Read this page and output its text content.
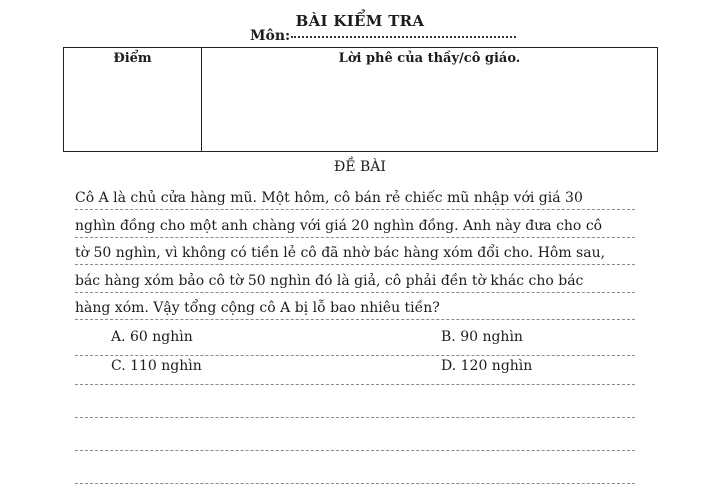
BÀI KIỂM TRA
Môn:
Điểm	Lời phê của thầy/cô giáo.
ĐỀ BÀI
Cô A là chủ cửa hàng mũ. Một hôm, cô bán rẻ chiếc mũ nhập với giá 30 nghìn đồng cho một anh chàng với giá 20 nghìn đồng. Anh này đưa cho cô tờ 50 nghìn, vì không có tiền lẻ cô đã nhờ bác hàng xóm đổi cho. Hôm sau, bác hàng xóm bảo cô tờ 50 nghìn đó là giả, cô phải đền tờ khác cho bác hàng xóm. Vậy tổng cộng cô A bị lỗ bao nhiêu tiền?
A. 60 nghìn	B. 90 nghìn
C. 110 nghìn	D. 120 nghìn
